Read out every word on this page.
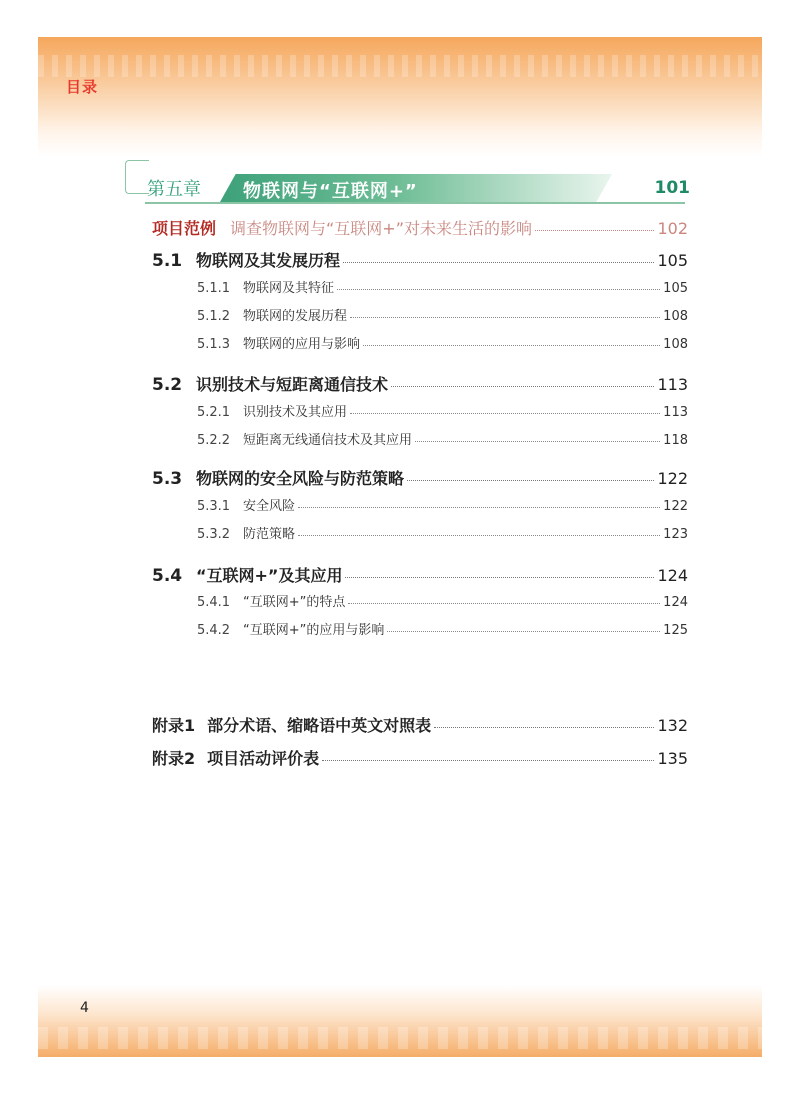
目录
第五章 物联网与“互联网+”	101
项目范例 调查物联网与“互联网+”对未来生活的影响	102
5.1 物联网及其发展历程	105
5.1.1 物联网及其特征	105
5.1.2 物联网的发展历程	108
5.1.3 物联网的应用与影响	108
5.2 识别技术与短距离通信技术	113
5.2.1 识别技术及其应用	113
5.2.2 短距离无线通信技术及其应用	118
5.3 物联网的安全风险与防范策略	122
5.3.1 安全风险	122
5.3.2 防范策略	123
5.4 “互联网+”及其应用	124
5.4.1 “互联网+”的特点	124
5.4.2 “互联网+”的应用与影响	125
附录1 部分术语、缩略语中英文对照表	132
附录2 项目活动评价表	135
4
